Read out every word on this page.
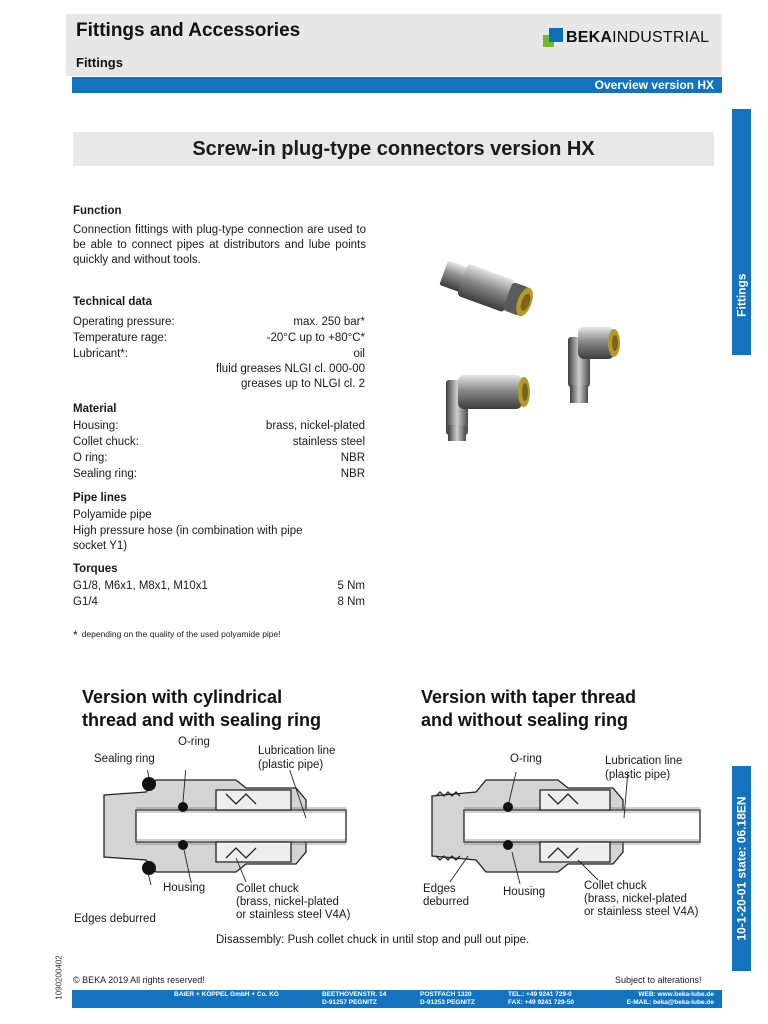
Fittings and Accessories
Fittings
BEKAINDUSTRIAL
Overview version HX
Screw-in plug-type connectors version HX
Fittings
10-1-20-01 state: 06.18EN
Function
Connection fittings with plug-type connection are used to be able to connect pipes at distributors and lube points quickly and without tools.
Technical data
Operating pressure:	max. 250 bar*
Temperature rage:	-20°C up to +80°C*
Lubricant*:	oil
fluid greases NLGI cl. 000-00
greases up to NLGI cl. 2
Material
Housing:	brass, nickel-plated
Collet chuck:	stainless steel
O ring:	NBR
Sealing ring:	NBR
Pipe lines
Polyamide pipe
High pressure hose (in combination with pipe
socket Y1)
Torques
G1/8, M6x1, M8x1, M10x1	5 Nm
G1/4	8 Nm
* depending on the quality of the used polyamide pipe!
Version with cylindrical
thread and with sealing ring
Sealing ring
O-ring
Lubrication line
(plastic pipe)
Housing	Collet chuck
(brass, nickel-plated
or stainless steel V4A)
Edges deburred
Version with taper thread
and without sealing ring
O-ring	Lubrication line
(plastic pipe)
Edges
deburred
Housing	Collet chuck
(brass, nickel-plated
or stainless steel V4A)
Disassembly: Push collet chuck in until stop and pull out pipe.
1090200402 © BEKA 2019 All rights reserved!	Subject to alterations!
BAIER + KÖPPEL GmbH + Co. KG	BEETHOVENSTR. 14
D-91257 PEGNITZ
POSTFACH 1320
D-91253 PEGNITZ
TEL.: +49 9241 729-0
FAX: +49 9241 729-50
WEB: www.beka-lube.de
E-MAIL: beka@beka-lube.de
